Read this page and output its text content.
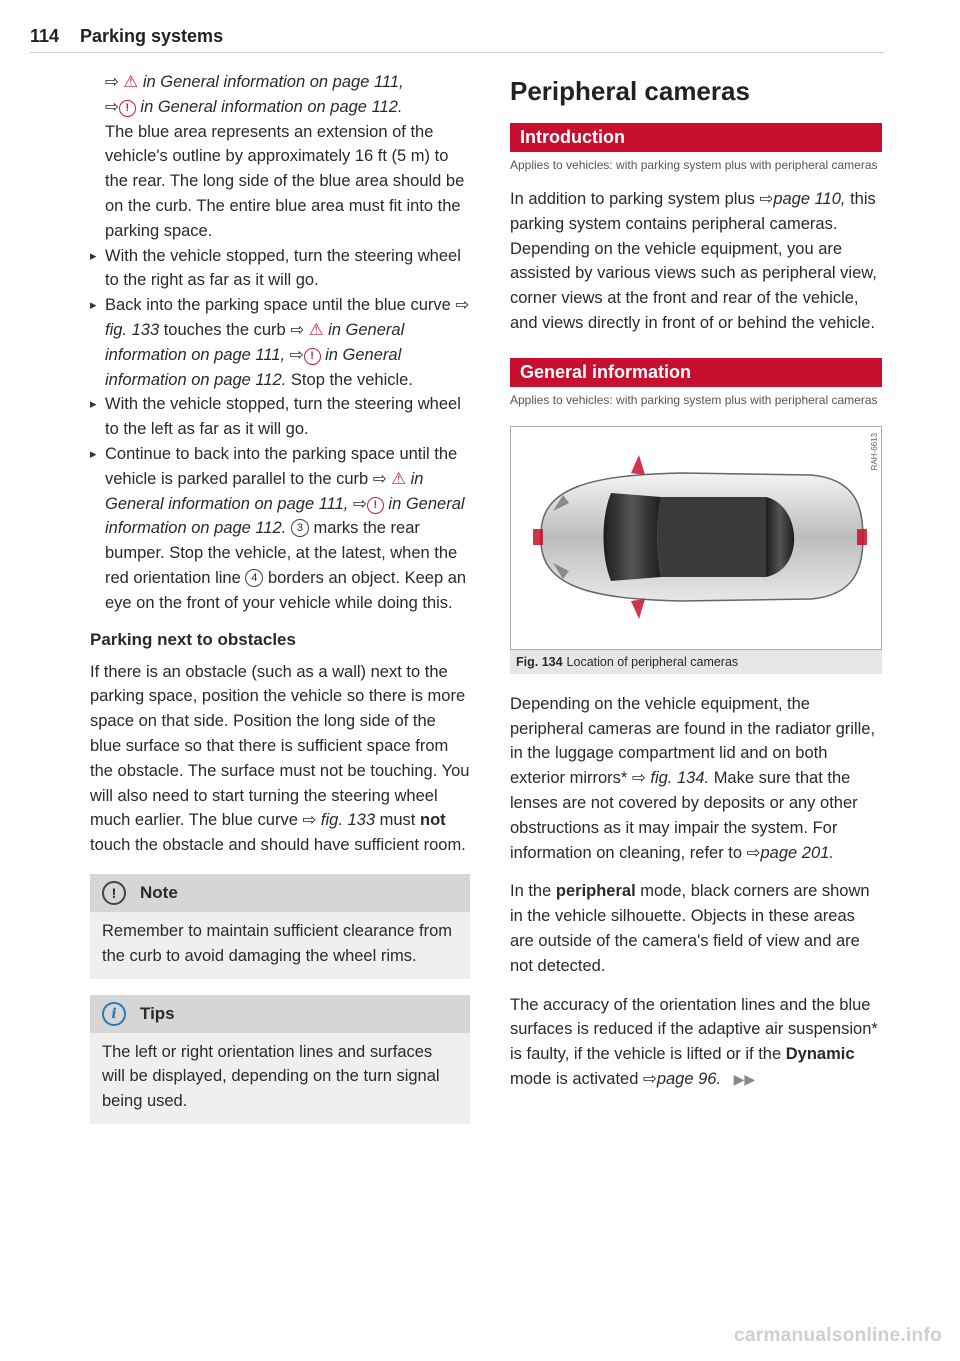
114 Parking systems
⇨ ⚠ in General information on page 111,
⇨ ! in General information on page 112.

The blue area represents an extension of the vehicle's outline by approximately 16 ft (5 m) to the rear. The long side of the blue area should be on the curb. The entire blue area must fit into the parking space.

▸ With the vehicle stopped, turn the steering wheel to the right as far as it will go.
▸ Back into the parking space until the blue curve ⇨ fig. 133 touches the curb ⇨ ⚠ in General information on page 111, ⇨ ! in General information on page 112. Stop the vehicle.
▸ With the vehicle stopped, turn the steering wheel to the left as far as it will go.
▸ Continue to back into the parking space until the vehicle is parked parallel to the curb ⇨ ⚠ in General information on page 111, ⇨ ! in General information on page 112. 3 marks the rear bumper. Stop the vehicle, at the latest, when the red orientation line 4 borders an object. Keep an eye on the front of your vehicle while doing this.
Parking next to obstacles

If there is an obstacle (such as a wall) next to the parking space, position the vehicle so there is more space on that side. Position the long side of the blue surface so that there is sufficient space from the obstacle. The surface must not be touching. You will also need to start turning the steering wheel much earlier. The blue curve ⇨ fig. 133 must not touch the obstacle and should have sufficient room.

!	Note
Remember to maintain sufficient clearance from the curb to avoid damaging the wheel rims.
i	Tips
The left or right orientation lines and surfaces will be displayed, depending on the turn signal being used.
Peripheral cameras
Introduction
Applies to vehicles: with parking system plus with peripheral cameras

In addition to parking system plus ⇨page 110, this parking system contains peripheral cameras. Depending on the vehicle equipment, you are assisted by various views such as peripheral view, corner views at the front and rear of the vehicle, and views directly in front of or behind the vehicle.

General information
Applies to vehicles: with parking system plus with peripheral cameras
RAH-6613
Fig. 134 Location of peripheral cameras

Depending on the vehicle equipment, the peripheral cameras are found in the radiator grille, in the luggage compartment lid and on both exterior mirrors* ⇨ fig. 134. Make sure that the lenses are not covered by deposits or any other obstructions as it may impair the system. For information on cleaning, refer to ⇨page 201.

In the peripheral mode, black corners are shown in the vehicle silhouette. Objects in these areas are outside of the camera's field of view and are not detected.

The accuracy of the orientation lines and the blue surfaces is reduced if the adaptive air suspension* is faulty, if the vehicle is lifted or if the Dynamic mode is activated ⇨page 96. ▶▶

carmanualsonline.info
